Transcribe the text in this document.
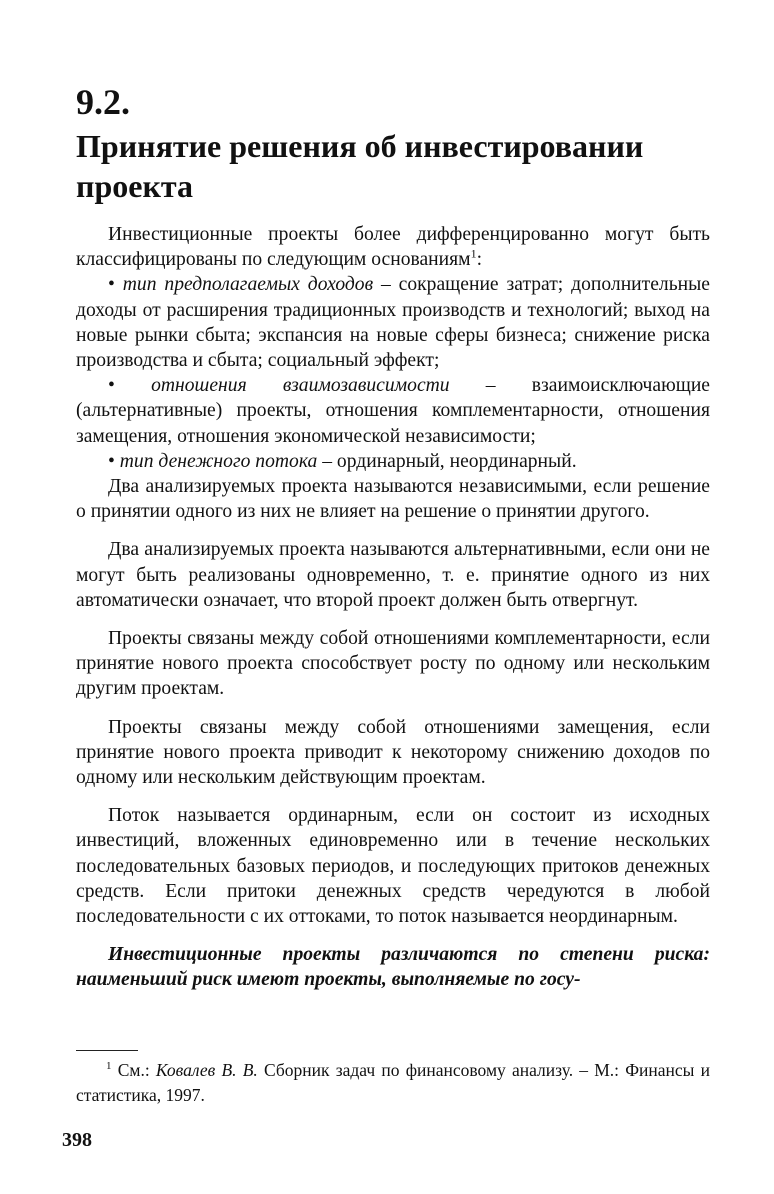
9.2.
Принятие решения об инвестировании проекта

Инвестиционные проекты более дифференцированно могут быть классифицированы по следующим основаниям$^1$:

• тип предполагаемых доходов – сокращение затрат; дополнительные доходы от расширения традиционных производств и технологий; выход на новые рынки сбыта; экспансия на новые сферы бизнеса; снижение риска производства и сбыта; социальный эффект;

• отношения взаимозависимости – взаимоисключающие (альтернативные) проекты, отношения комплементарности, отношения замещения, отношения экономической независимости;

• тип денежного потока – ординарный, неординарный.

Два анализируемых проекта называются независимыми, если решение о принятии одного из них не влияет на решение о принятии другого.

Два анализируемых проекта называются альтернативными, если они не могут быть реализованы одновременно, т. е. принятие одного из них автоматически означает, что второй проект должен быть отвергнут.

Проекты связаны между собой отношениями комплементарности, если принятие нового проекта способствует росту по одному или нескольким другим проектам.

Проекты связаны между собой отношениями замещения, если принятие нового проекта приводит к некоторому снижению доходов по одному или нескольким действующим проектам.

Поток называется ординарным, если он состоит из исходных инвестиций, вложенных единовременно или в течение нескольких последовательных базовых периодов, и последующих притоков денежных средств. Если притоки денежных средств чередуются в любой последовательности с их оттоками, то поток называется неординарным.

Инвестиционные проекты различаются по степени риска: наименьший риск имеют проекты, выполняемые по госу-

$^1$ См.: Ковалев В. В. Сборник задач по финансовому анализу. – М.: Финансы и статистика, 1997.

398
